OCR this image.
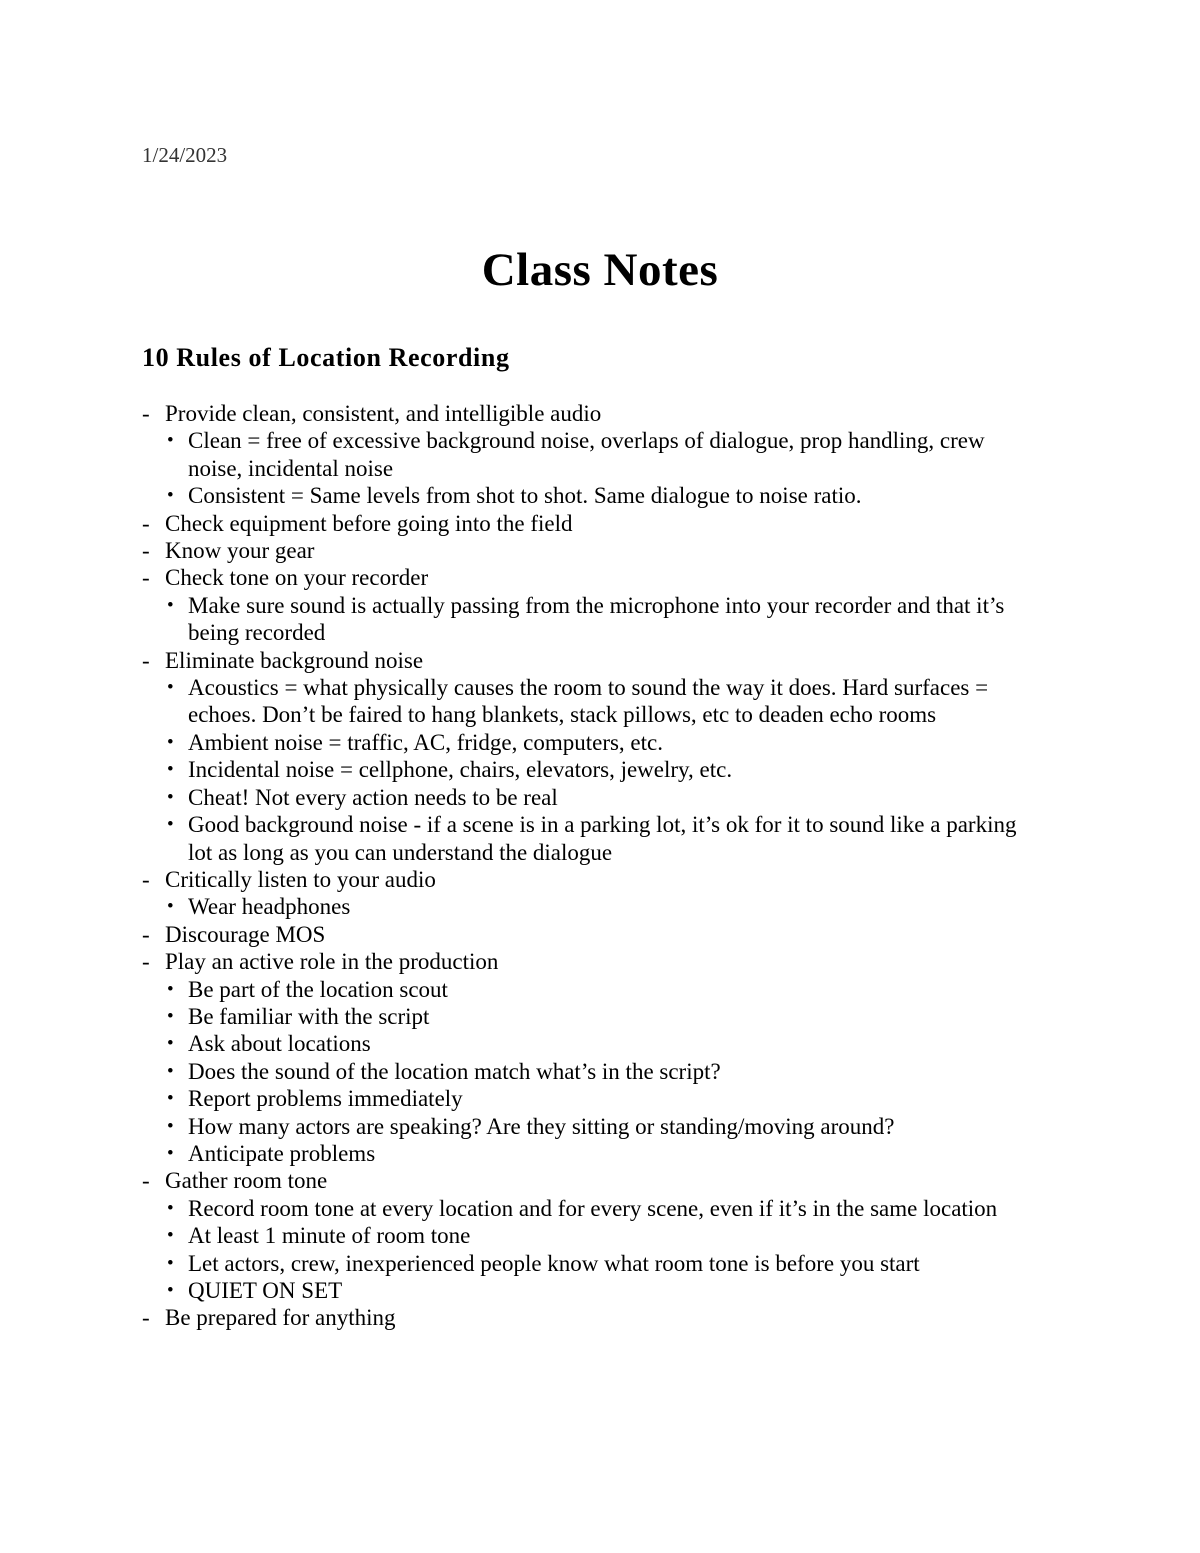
1/24/2023
Class Notes
10 Rules of Location Recording
- Provide clean, consistent, and intelligible audio
• Clean = free of excessive background noise, overlaps of dialogue, prop handling, crew noise, incidental noise
• Consistent = Same levels from shot to shot. Same dialogue to noise ratio.
- Check equipment before going into the field
- Know your gear
- Check tone on your recorder
• Make sure sound is actually passing from the microphone into your recorder and that it’s being recorded
- Eliminate background noise
• Acoustics = what physically causes the room to sound the way it does. Hard surfaces = echoes. Don’t be faired to hang blankets, stack pillows, etc to deaden echo rooms
• Ambient noise = traffic, AC, fridge, computers, etc.
• Incidental noise = cellphone, chairs, elevators, jewelry, etc.
• Cheat! Not every action needs to be real
• Good background noise - if a scene is in a parking lot, it’s ok for it to sound like a parking lot as long as you can understand the dialogue
- Critically listen to your audio
• Wear headphones
- Discourage MOS
- Play an active role in the production
• Be part of the location scout
• Be familiar with the script
• Ask about locations
• Does the sound of the location match what’s in the script?
• Report problems immediately
• How many actors are speaking? Are they sitting or standing/moving around?
• Anticipate problems
- Gather room tone
• Record room tone at every location and for every scene, even if it’s in the same location
• At least 1 minute of room tone
• Let actors, crew, inexperienced people know what room tone is before you start
• QUIET ON SET
- Be prepared for anything
